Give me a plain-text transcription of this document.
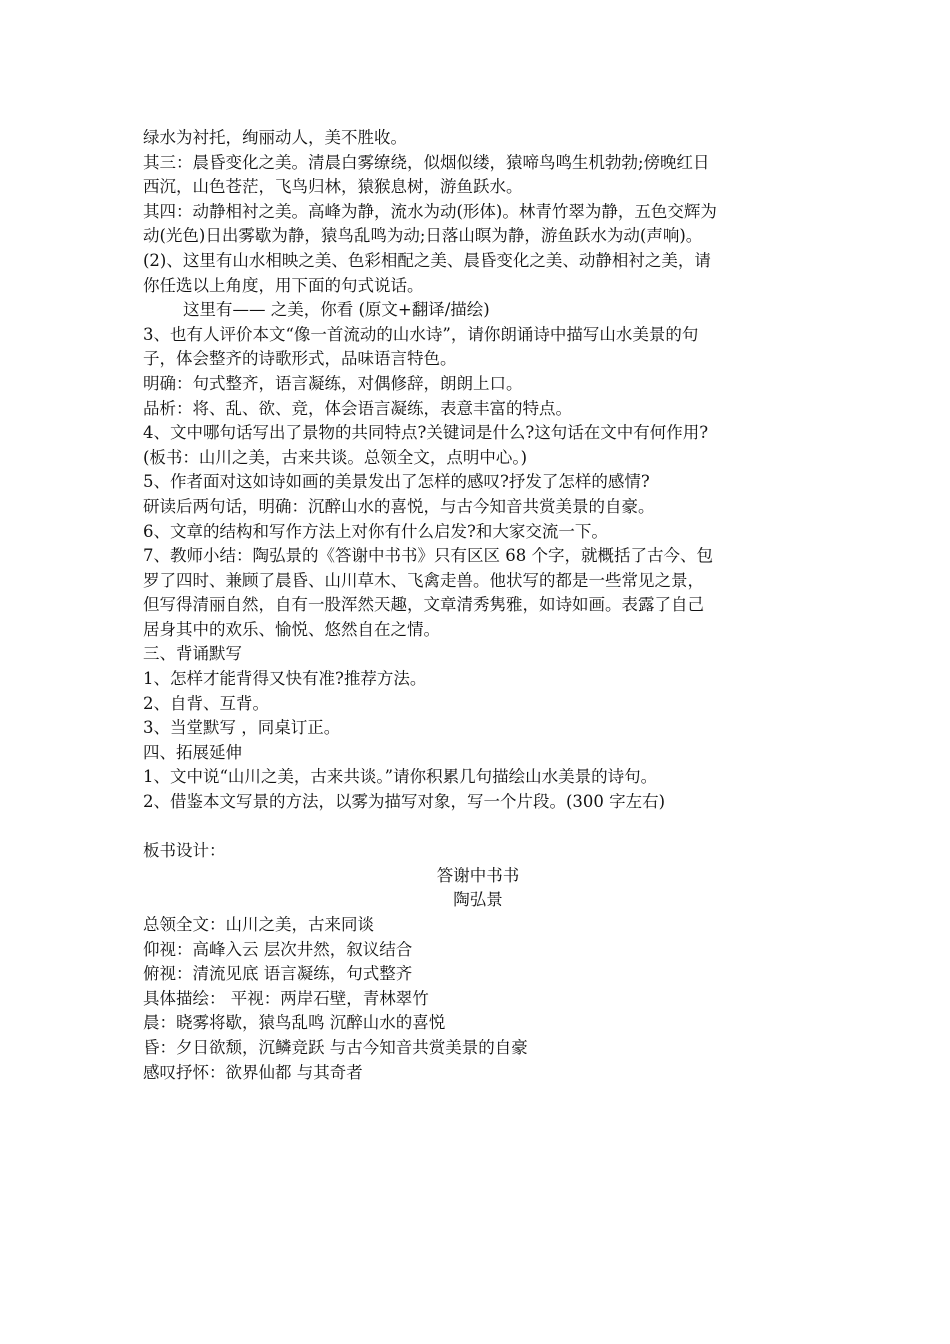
绿水为衬托，绚丽动人，美不胜收。
其三：晨昏变化之美。清晨白雾缭绕，似烟似缕，猿啼鸟鸣生机勃勃;傍晚红日
西沉，山色苍茫，飞鸟归林，猿猴息树，游鱼跃水。
其四：动静相衬之美。高峰为静，流水为动(形体)。林青竹翠为静，五色交辉为
动(光色)日出雾歇为静，猿鸟乱鸣为动;日落山暝为静，游鱼跃水为动(声响)。
(2)、这里有山水相映之美、色彩相配之美、晨昏变化之美、动静相衬之美，请
你任选以上角度，用下面的句式说话。
这里有—— 之美，你看 (原文+翻译/描绘)
3、也有人评价本文“像一首流动的山水诗”，请你朗诵诗中描写山水美景的句
子，体会整齐的诗歌形式，品味语言特色。
明确：句式整齐，语言凝练，对偶修辞，朗朗上口。
品析：将、乱、欲、竞，体会语言凝练，表意丰富的特点。
4、文中哪句话写出了景物的共同特点?关键词是什么?这句话在文中有何作用?
(板书：山川之美，古来共谈。总领全文，点明中心。)
5、作者面对这如诗如画的美景发出了怎样的感叹?抒发了怎样的感情?
研读后两句话，明确：沉醉山水的喜悦，与古今知音共赏美景的自豪。
6、文章的结构和写作方法上对你有什么启发?和大家交流一下。
7、教师小结：陶弘景的《答谢中书书》只有区区 68 个字，就概括了古今、包
罗了四时、兼顾了晨昏、山川草木、飞禽走兽。他状写的都是一些常见之景，
但写得清丽自然，自有一股浑然天趣，文章清秀隽雅，如诗如画。表露了自己
居身其中的欢乐、愉悦、悠然自在之情。
三、背诵默写
1、怎样才能背得又快有准?推荐方法。
2、自背、互背。
3、当堂默写 ，同桌订正。
四、拓展延伸
1、文中说“山川之美，古来共谈。”请你积累几句描绘山水美景的诗句。
2、借鉴本文写景的方法，以雾为描写对象，写一个片段。(300 字左右)
板书设计：
答谢中书书
陶弘景
总领全文：山川之美，古来同谈
仰视：高峰入云 层次井然，叙议结合
俯视：清流见底 语言凝练，句式整齐
具体描绘： 平视：两岸石壁，青林翠竹
晨：晓雾将歇，猿鸟乱鸣 沉醉山水的喜悦
昏：夕日欲颓，沉鳞竞跃 与古今知音共赏美景的自豪
感叹抒怀：欲界仙都 与其奇者
